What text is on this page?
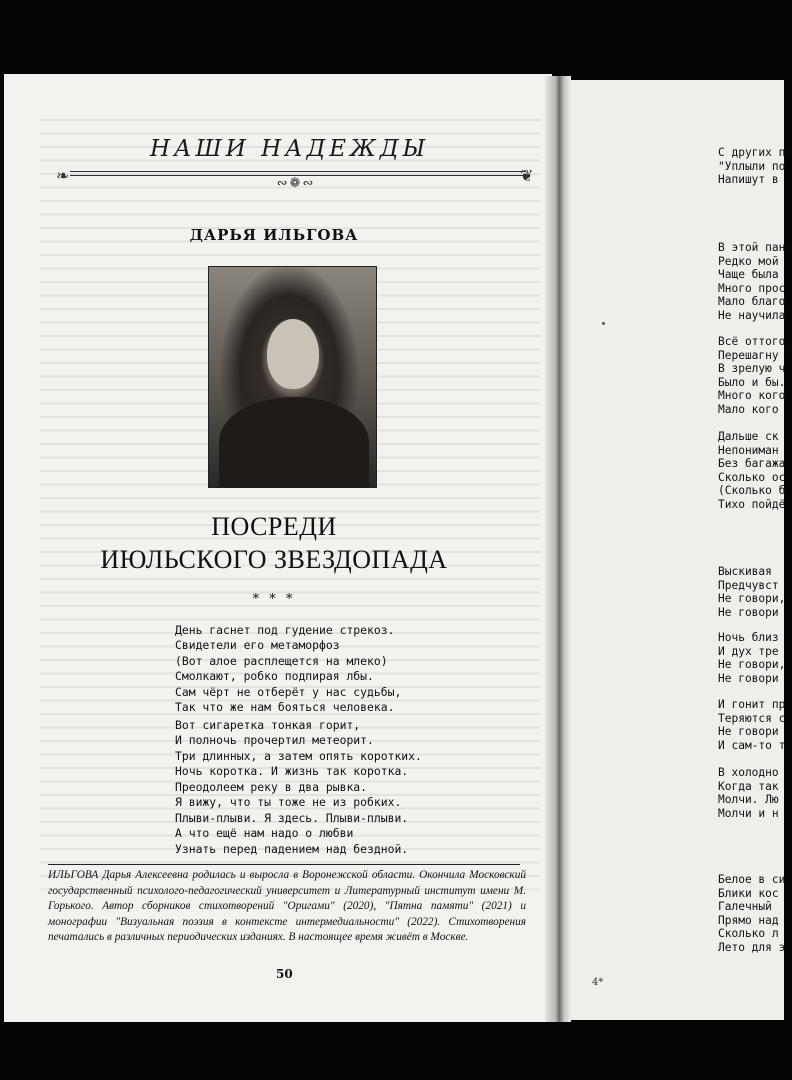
НАШИ НАДЕЖДЫ
❧	❦
∾❁∾
ДАРЬЯ ИЛЬГОВА
ПОСРЕДИ
ИЮЛЬСКОГО ЗВЕЗДОПАДА
* * *
День гаснет под гудение стрекоз.
Свидетели его метаморфоз
(Вот алое расплещется на млеко)
Смолкают, робко подпирая лбы.
Сам чёрт не отберёт у нас судьбы,
Так что же нам бояться человека.
Вот сигаретка тонкая горит,
И полночь прочертил метеорит.
Три длинных, а затем опять коротких.
Ночь коротка. И жизнь так коротка.
Преодолеем реку в два рывка.
Я вижу, что ты тоже не из робких.
Плыви-плыви. Я здесь. Плыви-плыви.
А что ещё нам надо о любви
Узнать перед падением над бездной.
ИЛЬГОВА Дарья Алексеевна родилась и выросла в Воронежской области. Окончила Московский государственный психолого-педагогический университет и Литературный институт имени М. Горького. Автор сборников стихотворений "Оригами" (2020), "Пятна памяти" (2021) и монографии "Визуальная поэзия в контексте интермедиальности" (2022). Стихотворения печатались в различных периодических изданиях. В настоящее время живёт в Москве.
50
С других па
"Уплыли по
Напишут в
В этой пано
Редко мой
Чаще была
Много прос
Мало благо
Не научила
Всё оттого,
Перешагну
В зрелую ч
Было и бы.
Много кого
Мало кого
Дальше ск
Непониман
Без багажа
Сколько ос
(Сколько б
Тихо пойдё
Выскивая
Предчувст
Не говори,
Не говори
Ночь близ
И дух тре
Не говори,
Не говори
И гонит пр
Теряются с
Не говори
И сам-то т
В холодно
Когда так
Молчи. Лю
Молчи и н
Белое в си
Блики кос
Галечный
Прямо над
Сколько л
Лето для э
4*
